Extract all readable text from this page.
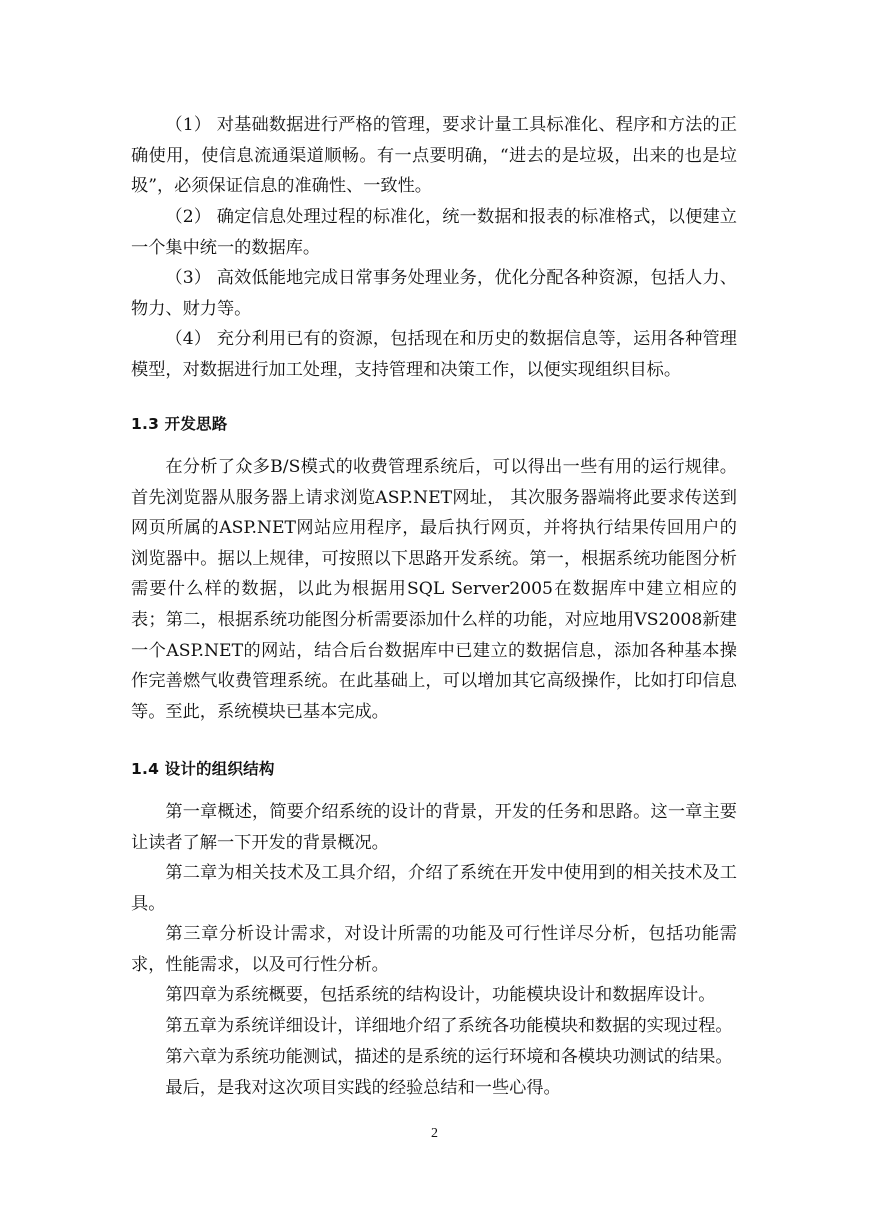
（1） 对基础数据进行严格的管理，要求计量工具标准化、程序和方法的正确使用，使信息流通渠道顺畅。有一点要明确，“进去的是垃圾，出来的也是垃圾”，必须保证信息的准确性、一致性。

（2） 确定信息处理过程的标准化，统一数据和报表的标准格式，以便建立一个集中统一的数据库。

（3） 高效低能地完成日常事务处理业务，优化分配各种资源，包括人力、物力、财力等。

（4） 充分利用已有的资源，包括现在和历史的数据信息等，运用各种管理模型，对数据进行加工处理，支持管理和决策工作，以便实现组织目标。

1.3 开发思路

在分析了众多B/S模式的收费管理系统后，可以得出一些有用的运行规律。首先浏览器从服务器上请求浏览ASP.NET网址， 其次服务器端将此要求传送到网页所属的ASP.NET网站应用程序，最后执行网页，并将执行结果传回用户的浏览器中。据以上规律，可按照以下思路开发系统。第一，根据系统功能图分析需要什么样的数据，以此为根据用SQL Server2005在数据库中建立相应的表；第二，根据系统功能图分析需要添加什么样的功能，对应地用VS2008新建一个ASP.NET的网站，结合后台数据库中已建立的数据信息，添加各种基本操作完善燃气收费管理系统。在此基础上，可以增加其它高级操作，比如打印信息等。至此，系统模块已基本完成。

1.4 设计的组织结构

第一章概述，简要介绍系统的设计的背景，开发的任务和思路。这一章主要让读者了解一下开发的背景概况。

第二章为相关技术及工具介绍，介绍了系统在开发中使用到的相关技术及工具。

第三章分析设计需求，对设计所需的功能及可行性详尽分析，包括功能需求，性能需求，以及可行性分析。

第四章为系统概要，包括系统的结构设计，功能模块设计和数据库设计。

第五章为系统详细设计，详细地介绍了系统各功能模块和数据的实现过程。

第六章为系统功能测试，描述的是系统的运行环境和各模块功测试的结果。

最后，是我对这次项目实践的经验总结和一些心得。

2
